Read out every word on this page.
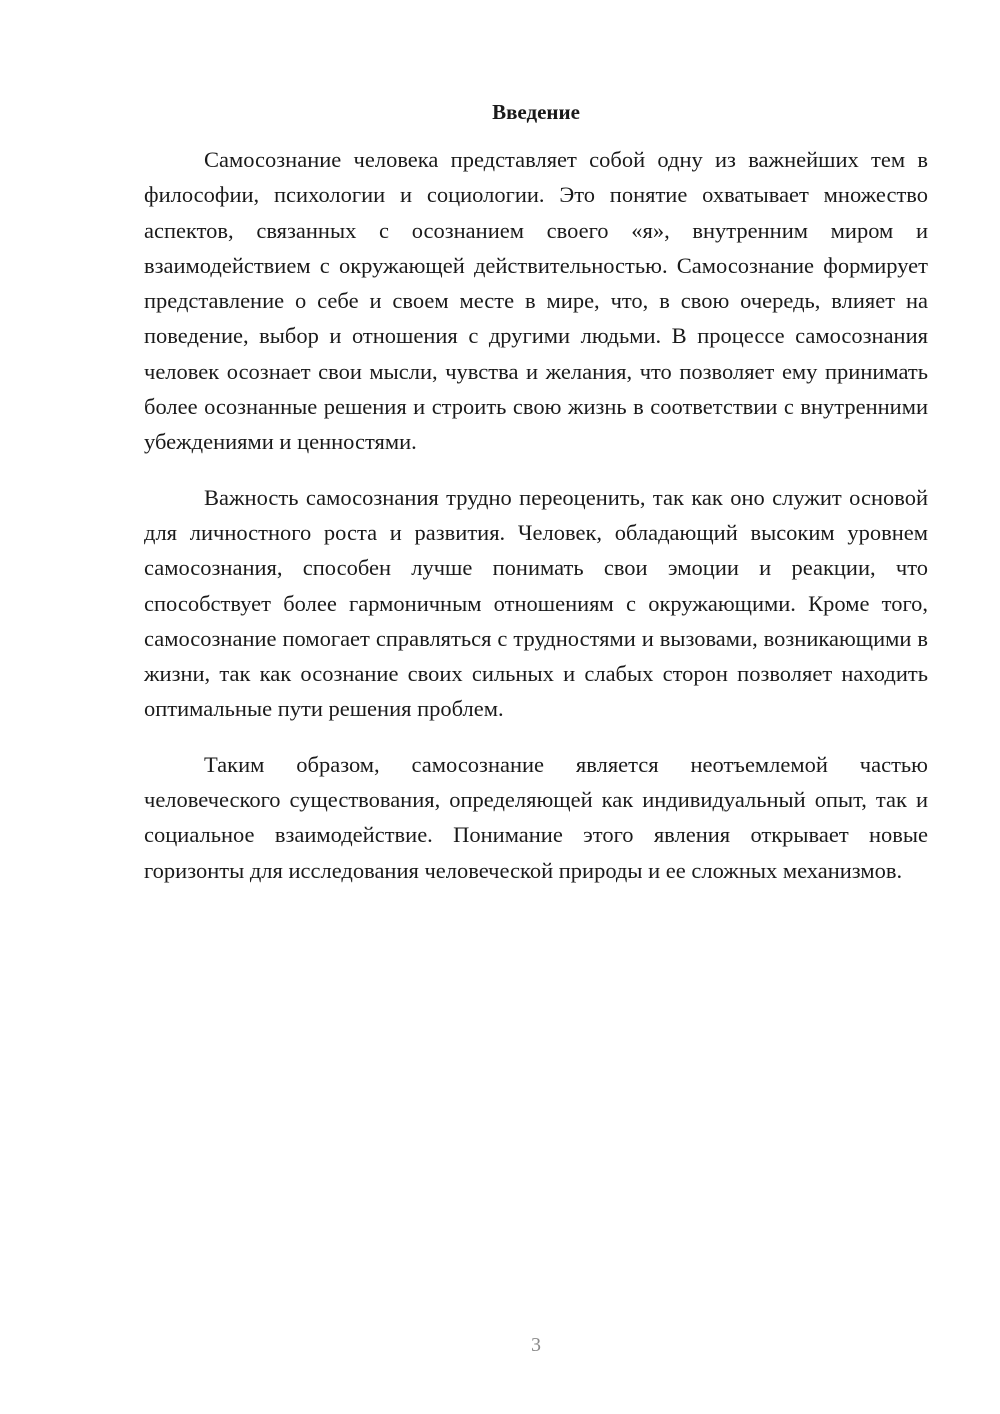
Введение

Самосознание человека представляет собой одну из важнейших тем в философии, психологии и социологии. Это понятие охватывает множество аспектов, связанных с осознанием своего «я», внутренним миром и взаимодействием с окружающей действительностью. Самосознание формирует представление о себе и своем месте в мире, что, в свою очередь, влияет на поведение, выбор и отношения с другими людьми. В процессе самосознания человек осознает свои мысли, чувства и желания, что позволяет ему принимать более осознанные решения и строить свою жизнь в соответствии с внутренними убеждениями и ценностями.

Важность самосознания трудно переоценить, так как оно служит основой для личностного роста и развития. Человек, обладающий высоким уровнем самосознания, способен лучше понимать свои эмоции и реакции, что способствует более гармоничным отношениям с окружающими. Кроме того, самосознание помогает справляться с трудностями и вызовами, возникающими в жизни, так как осознание своих сильных и слабых сторон позволяет находить оптимальные пути решения проблем.

Таким образом, самосознание является неотъемлемой частью человеческого существования, определяющей как индивидуальный опыт, так и социальное взаимодействие. Понимание этого явления открывает новые горизонты для исследования человеческой природы и ее сложных механизмов.

3
